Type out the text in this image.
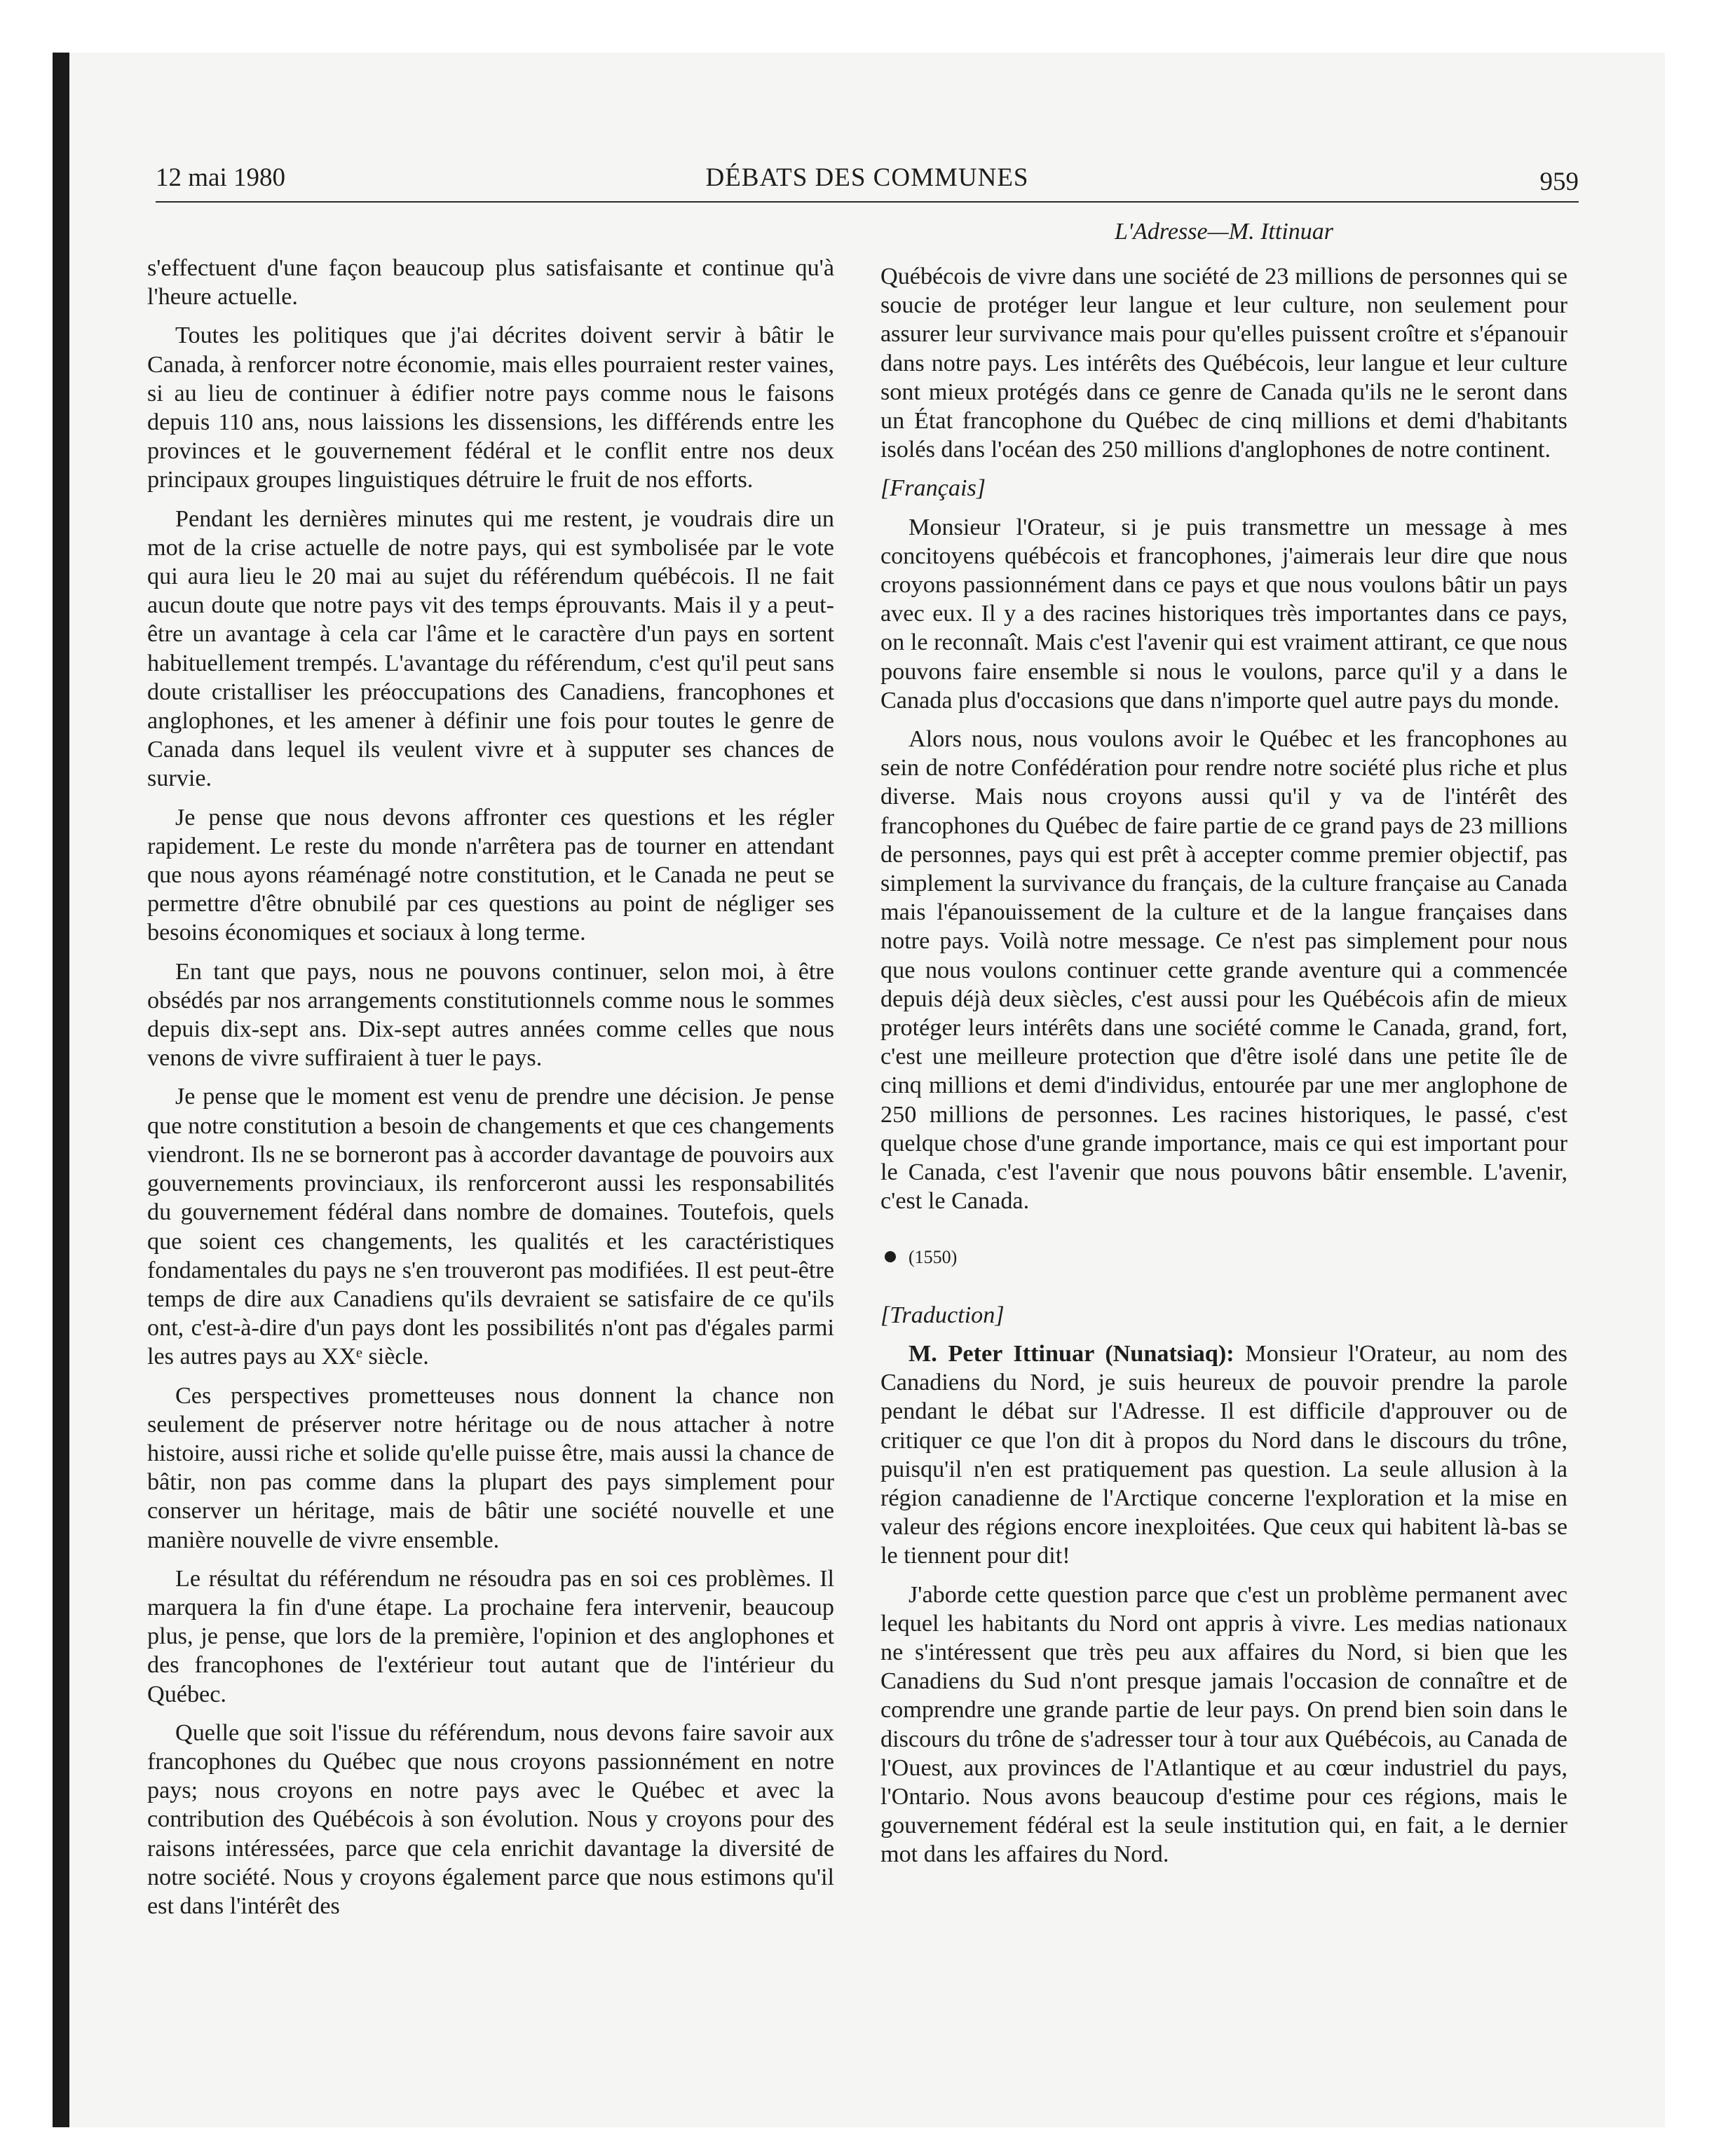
12 mai 1980	DÉBATS DES COMMUNES	959
L'Adresse—M. Ittinuar

s'effectuent d'une façon beaucoup plus satisfaisante et continue qu'à l'heure actuelle.

Toutes les politiques que j'ai décrites doivent servir à bâtir le Canada, à renforcer notre économie, mais elles pourraient rester vaines, si au lieu de continuer à édifier notre pays comme nous le faisons depuis 110 ans, nous laissions les dissensions, les différends entre les provinces et le gouvernement fédéral et le conflit entre nos deux principaux groupes linguistiques détruire le fruit de nos efforts.

Pendant les dernières minutes qui me restent, je voudrais dire un mot de la crise actuelle de notre pays, qui est symbolisée par le vote qui aura lieu le 20 mai au sujet du référendum québécois. Il ne fait aucun doute que notre pays vit des temps éprouvants. Mais il y a peut-être un avantage à cela car l'âme et le caractère d'un pays en sortent habituellement trempés. L'avantage du référendum, c'est qu'il peut sans doute cristalliser les préoccupations des Canadiens, francophones et anglophones, et les amener à définir une fois pour toutes le genre de Canada dans lequel ils veulent vivre et à supputer ses chances de survie.

Je pense que nous devons affronter ces questions et les régler rapidement. Le reste du monde n'arrêtera pas de tourner en attendant que nous ayons réaménagé notre constitution, et le Canada ne peut se permettre d'être obnubilé par ces questions au point de négliger ses besoins économiques et sociaux à long terme.

En tant que pays, nous ne pouvons continuer, selon moi, à être obsédés par nos arrangements constitutionnels comme nous le sommes depuis dix-sept ans. Dix-sept autres années comme celles que nous venons de vivre suffiraient à tuer le pays.

Je pense que le moment est venu de prendre une décision. Je pense que notre constitution a besoin de changements et que ces changements viendront. Ils ne se borneront pas à accorder davantage de pouvoirs aux gouvernements provinciaux, ils renforceront aussi les responsabilités du gouvernement fédéral dans nombre de domaines. Toutefois, quels que soient ces changements, les qualités et les caractéristiques fondamentales du pays ne s'en trouveront pas modifiées. Il est peut-être temps de dire aux Canadiens qu'ils devraient se satisfaire de ce qu'ils ont, c'est-à-dire d'un pays dont les possibilités n'ont pas d'égales parmi les autres pays au XXᵉ siècle.

Ces perspectives prometteuses nous donnent la chance non seulement de préserver notre héritage ou de nous attacher à notre histoire, aussi riche et solide qu'elle puisse être, mais aussi la chance de bâtir, non pas comme dans la plupart des pays simplement pour conserver un héritage, mais de bâtir une société nouvelle et une manière nouvelle de vivre ensemble.

Le résultat du référendum ne résoudra pas en soi ces problèmes. Il marquera la fin d'une étape. La prochaine fera intervenir, beaucoup plus, je pense, que lors de la première, l'opinion et des anglophones et des francophones de l'extérieur tout autant que de l'intérieur du Québec.

Quelle que soit l'issue du référendum, nous devons faire savoir aux francophones du Québec que nous croyons passionnément en notre pays; nous croyons en notre pays avec le Québec et avec la contribution des Québécois à son évolution. Nous y croyons pour des raisons intéressées, parce que cela enrichit davantage la diversité de notre société. Nous y croyons également parce que nous estimons qu'il est dans l'intérêt des

Québécois de vivre dans une société de 23 millions de personnes qui se soucie de protéger leur langue et leur culture, non seulement pour assurer leur survivance mais pour qu'elles puissent croître et s'épanouir dans notre pays. Les intérêts des Québécois, leur langue et leur culture sont mieux protégés dans ce genre de Canada qu'ils ne le seront dans un État francophone du Québec de cinq millions et demi d'habitants isolés dans l'océan des 250 millions d'anglophones de notre continent.

[Français]

Monsieur l'Orateur, si je puis transmettre un message à mes concitoyens québécois et francophones, j'aimerais leur dire que nous croyons passionnément dans ce pays et que nous voulons bâtir un pays avec eux. Il y a des racines historiques très importantes dans ce pays, on le reconnaît. Mais c'est l'avenir qui est vraiment attirant, ce que nous pouvons faire ensemble si nous le voulons, parce qu'il y a dans le Canada plus d'occasions que dans n'importe quel autre pays du monde.

Alors nous, nous voulons avoir le Québec et les francophones au sein de notre Confédération pour rendre notre société plus riche et plus diverse. Mais nous croyons aussi qu'il y va de l'intérêt des francophones du Québec de faire partie de ce grand pays de 23 millions de personnes, pays qui est prêt à accepter comme premier objectif, pas simplement la survivance du français, de la culture française au Canada mais l'épanouissement de la culture et de la langue françaises dans notre pays. Voilà notre message. Ce n'est pas simplement pour nous que nous voulons continuer cette grande aventure qui a commencée depuis déjà deux siècles, c'est aussi pour les Québécois afin de mieux protéger leurs intérêts dans une société comme le Canada, grand, fort, c'est une meilleure protection que d'être isolé dans une petite île de cinq millions et demi d'individus, entourée par une mer anglophone de 250 millions de personnes. Les racines historiques, le passé, c'est quelque chose d'une grande importance, mais ce qui est important pour le Canada, c'est l'avenir que nous pouvons bâtir ensemble. L'avenir, c'est le Canada.

(1550)
[Traduction]

M. Peter Ittinuar (Nunatsiaq): Monsieur l'Orateur, au nom des Canadiens du Nord, je suis heureux de pouvoir prendre la parole pendant le débat sur l'Adresse. Il est difficile d'approuver ou de critiquer ce que l'on dit à propos du Nord dans le discours du trône, puisqu'il n'en est pratiquement pas question. La seule allusion à la région canadienne de l'Arctique concerne l'exploration et la mise en valeur des régions encore inexploitées. Que ceux qui habitent là-bas se le tiennent pour dit!

J'aborde cette question parce que c'est un problème permanent avec lequel les habitants du Nord ont appris à vivre. Les medias nationaux ne s'intéressent que très peu aux affaires du Nord, si bien que les Canadiens du Sud n'ont presque jamais l'occasion de connaître et de comprendre une grande partie de leur pays. On prend bien soin dans le discours du trône de s'adresser tour à tour aux Québécois, au Canada de l'Ouest, aux provinces de l'Atlantique et au cœur industriel du pays, l'Ontario. Nous avons beaucoup d'estime pour ces régions, mais le gouvernement fédéral est la seule institution qui, en fait, a le dernier mot dans les affaires du Nord.
